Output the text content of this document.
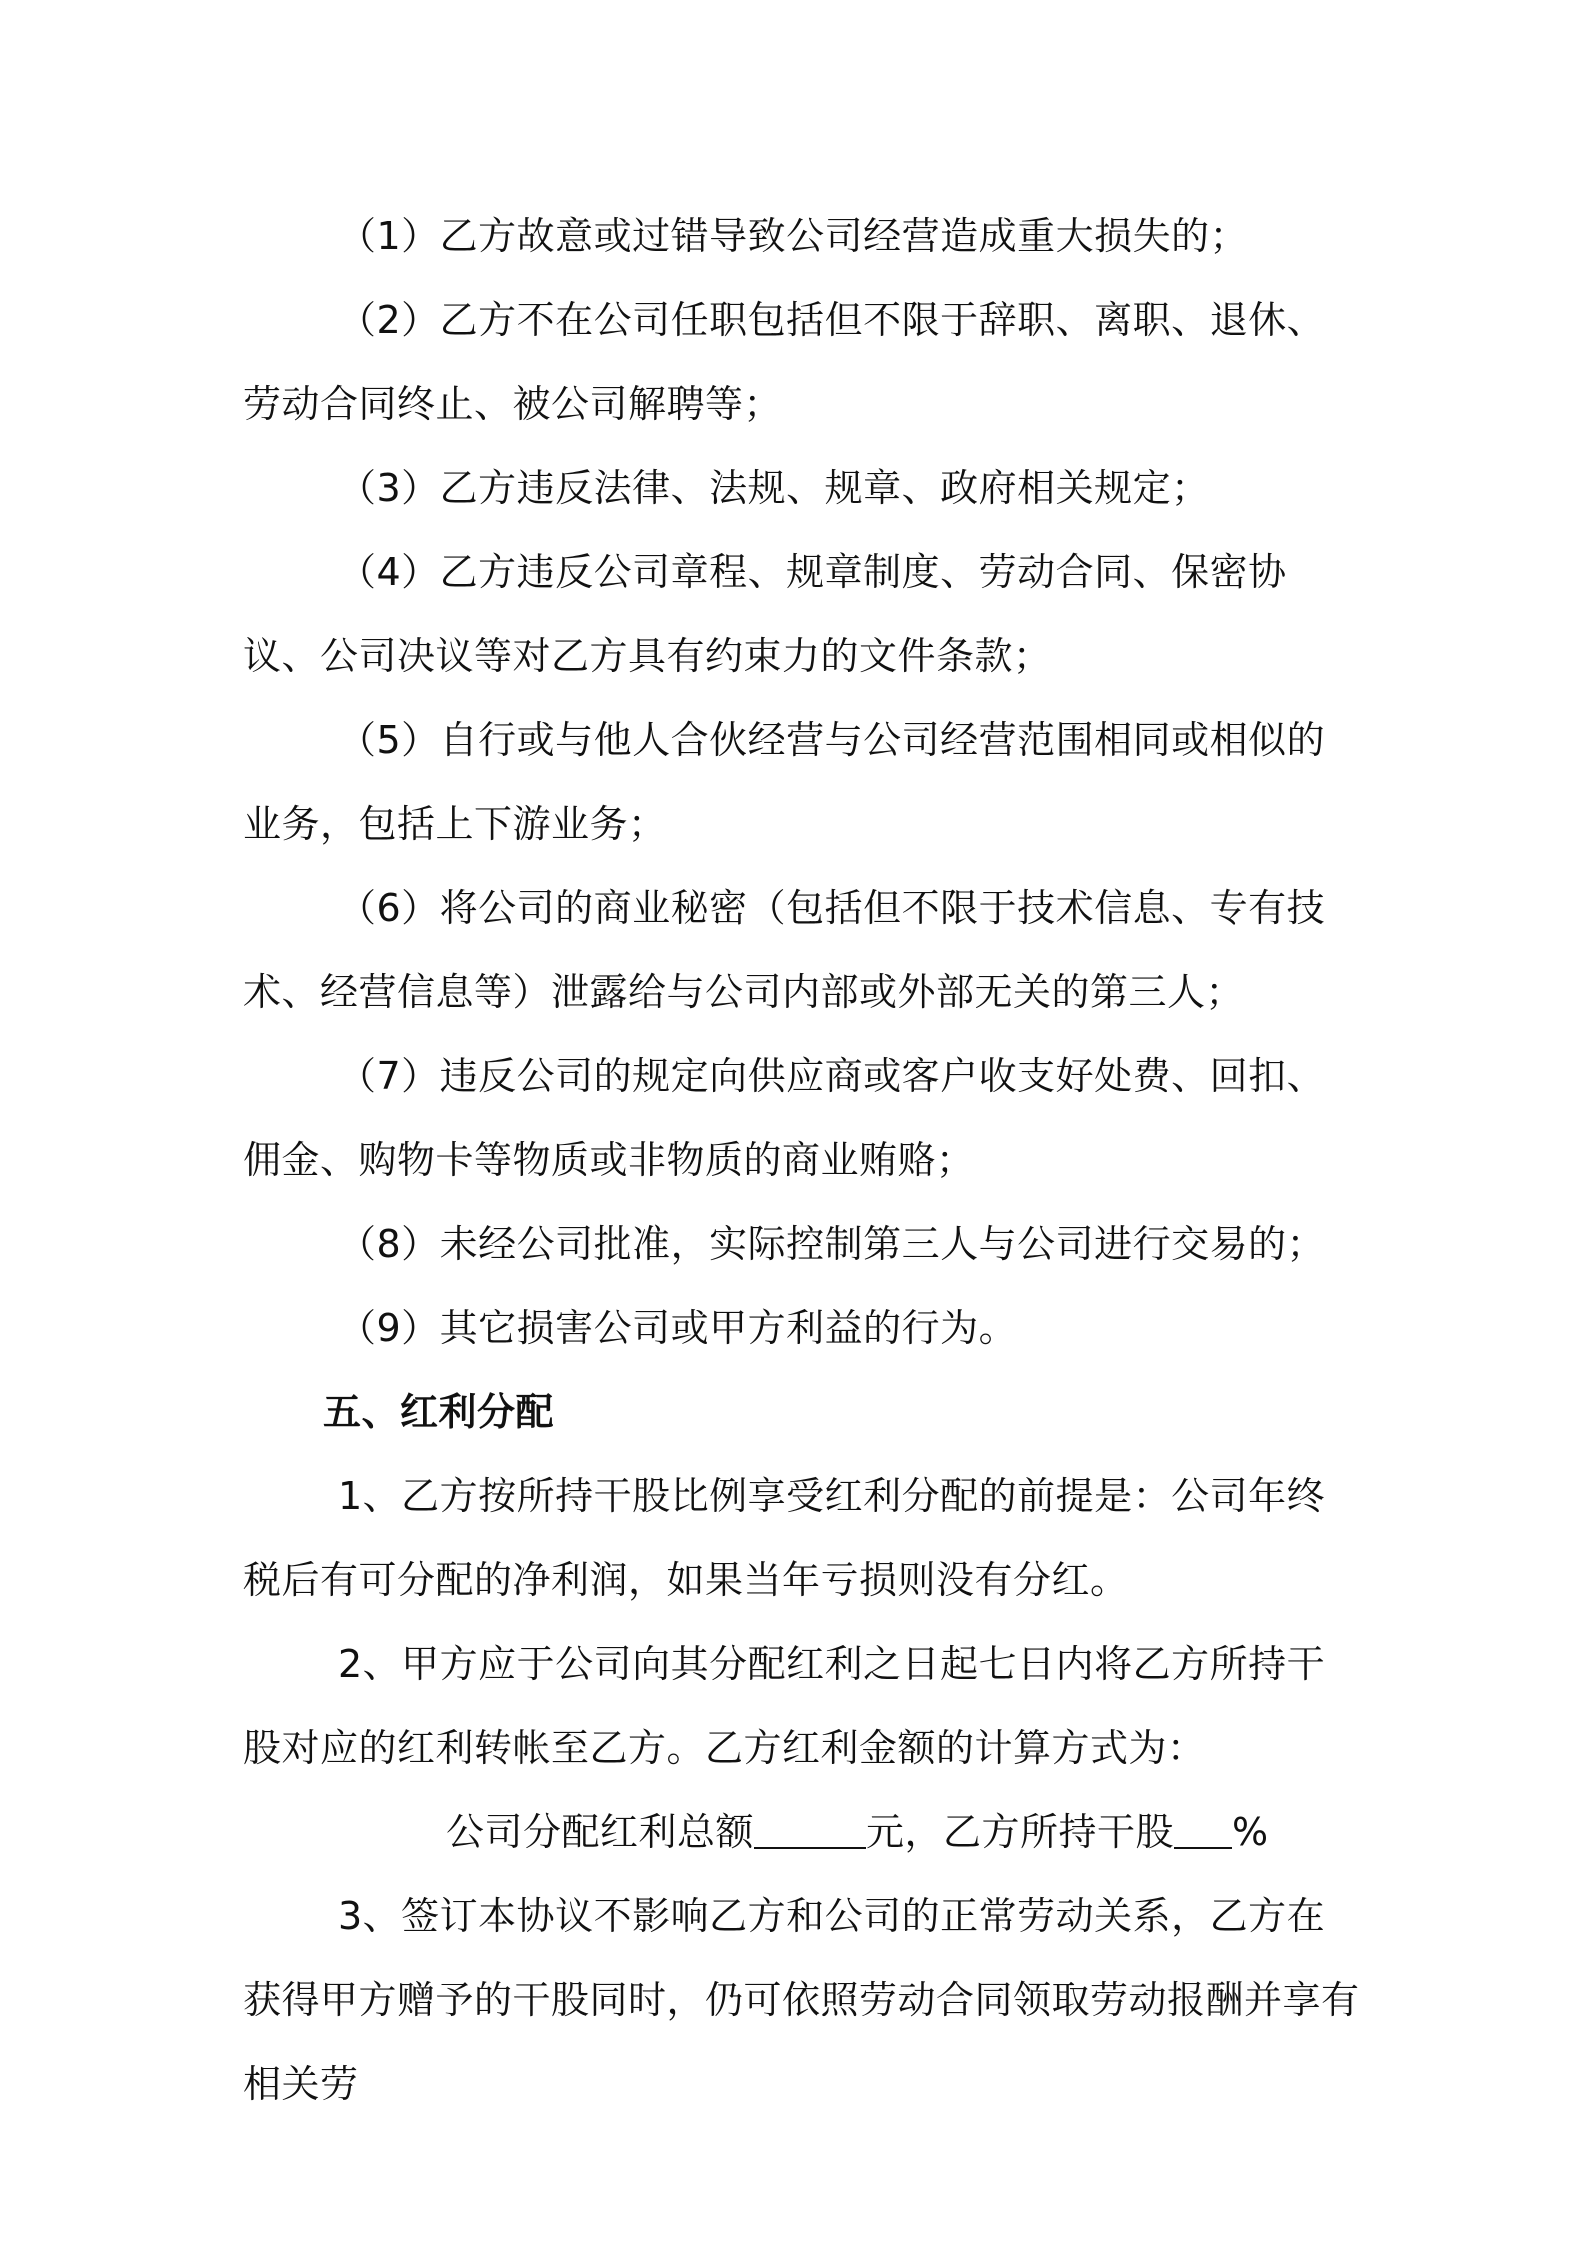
（1）乙方故意或过错导致公司经营造成重大损失的；

（2）乙方不在公司任职包括但不限于辞职、离职、退休、劳动合同终止、被公司解聘等；

（3）乙方违反法律、法规、规章、政府相关规定；

（4）乙方违反公司章程、规章制度、劳动合同、保密协议、公司决议等对乙方具有约束力的文件条款；

（5）自行或与他人合伙经营与公司经营范围相同或相似的业务，包括上下游业务；

（6）将公司的商业秘密（包括但不限于技术信息、专有技术、经营信息等）泄露给与公司内部或外部无关的第三人；

（7）违反公司的规定向供应商或客户收支好处费、回扣、佣金、购物卡等物质或非物质的商业贿赂；

（8）未经公司批准，实际控制第三人与公司进行交易的；

（9）其它损害公司或甲方利益的行为。

五、红利分配

1、乙方按所持干股比例享受红利分配的前提是：公司年终税后有可分配的净利润，如果当年亏损则没有分红。

2、甲方应于公司向其分配红利之日起七日内将乙方所持干股对应的红利转帐至乙方。乙方红利金额的计算方式为：

公司分配红利总额	元，乙方所持干股 %

3、签订本协议不影响乙方和公司的正常劳动关系，乙方在获得甲方赠予的干股同时，仍可依照劳动合同领取劳动报酬并享有相关劳
